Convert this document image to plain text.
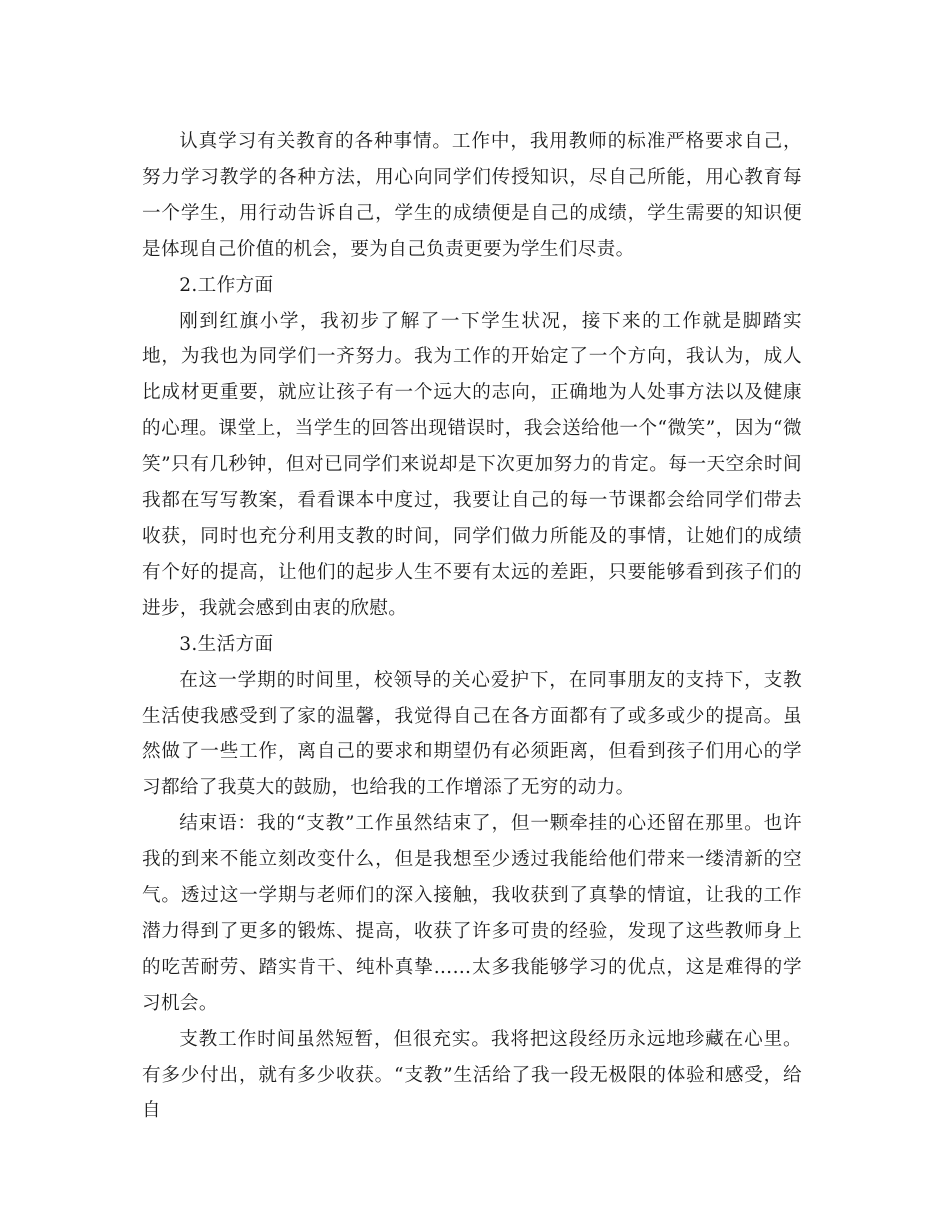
认真学习有关教育的各种事情。工作中，我用教师的标准严格要求自己，努力学习教学的各种方法，用心向同学们传授知识，尽自己所能，用心教育每一个学生，用行动告诉自己，学生的成绩便是自己的成绩，学生需要的知识便是体现自己价值的机会，要为自己负责更要为学生们尽责。

2.工作方面

刚到红旗小学，我初步了解了一下学生状况，接下来的工作就是脚踏实地，为我也为同学们一齐努力。我为工作的开始定了一个方向，我认为，成人比成材更重要，就应让孩子有一个远大的志向，正确地为人处事方法以及健康的心理。课堂上，当学生的回答出现错误时，我会送给他一个“微笑”，因为“微笑”只有几秒钟，但对已同学们来说却是下次更加努力的肯定。每一天空余时间我都在写写教案，看看课本中度过，我要让自己的每一节课都会给同学们带去收获，同时也充分利用支教的时间，同学们做力所能及的事情，让她们的成绩有个好的提高，让他们的起步人生不要有太远的差距，只要能够看到孩子们的进步，我就会感到由衷的欣慰。

3.生活方面

在这一学期的时间里，校领导的关心爱护下，在同事朋友的支持下，支教生活使我感受到了家的温馨，我觉得自己在各方面都有了或多或少的提高。虽然做了一些工作，离自己的要求和期望仍有必须距离，但看到孩子们用心的学习都给了我莫大的鼓励，也给我的工作增添了无穷的动力。

结束语：我的“支教”工作虽然结束了，但一颗牵挂的心还留在那里。也许我的到来不能立刻改变什么，但是我想至少透过我能给他们带来一缕清新的空气。透过这一学期与老师们的深入接触，我收获到了真挚的情谊，让我的工作潜力得到了更多的锻炼、提高，收获了许多可贵的经验，发现了这些教师身上的吃苦耐劳、踏实肯干、纯朴真挚……太多我能够学习的优点，这是难得的学习机会。

支教工作时间虽然短暂，但很充实。我将把这段经历永远地珍藏在心里。有多少付出，就有多少收获。“支教”生活给了我一段无极限的体验和感受，给自
